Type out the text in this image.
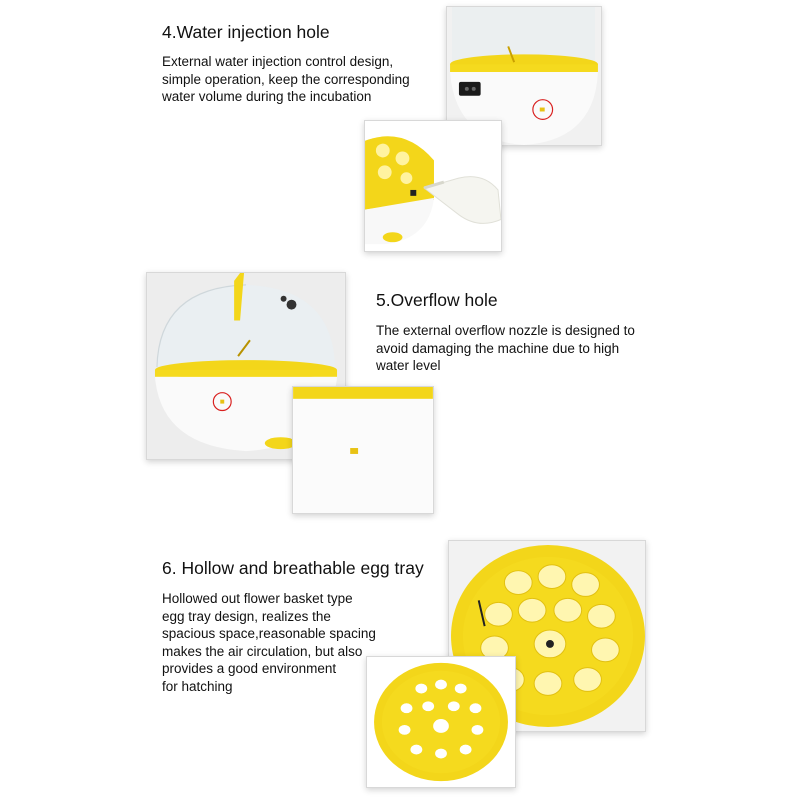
4.Water injection hole
External water injection control design,
simple operation, keep the corresponding
water volume during the incubation
5.Overflow hole
The external overflow nozzle is designed to
avoid damaging the machine due to high
water level
6. Hollow and breathable egg tray
Hollowed out flower basket type
egg tray design, realizes the
spacious space,reasonable spacing
makes the air circulation, but also
provides a good environment
for hatching
